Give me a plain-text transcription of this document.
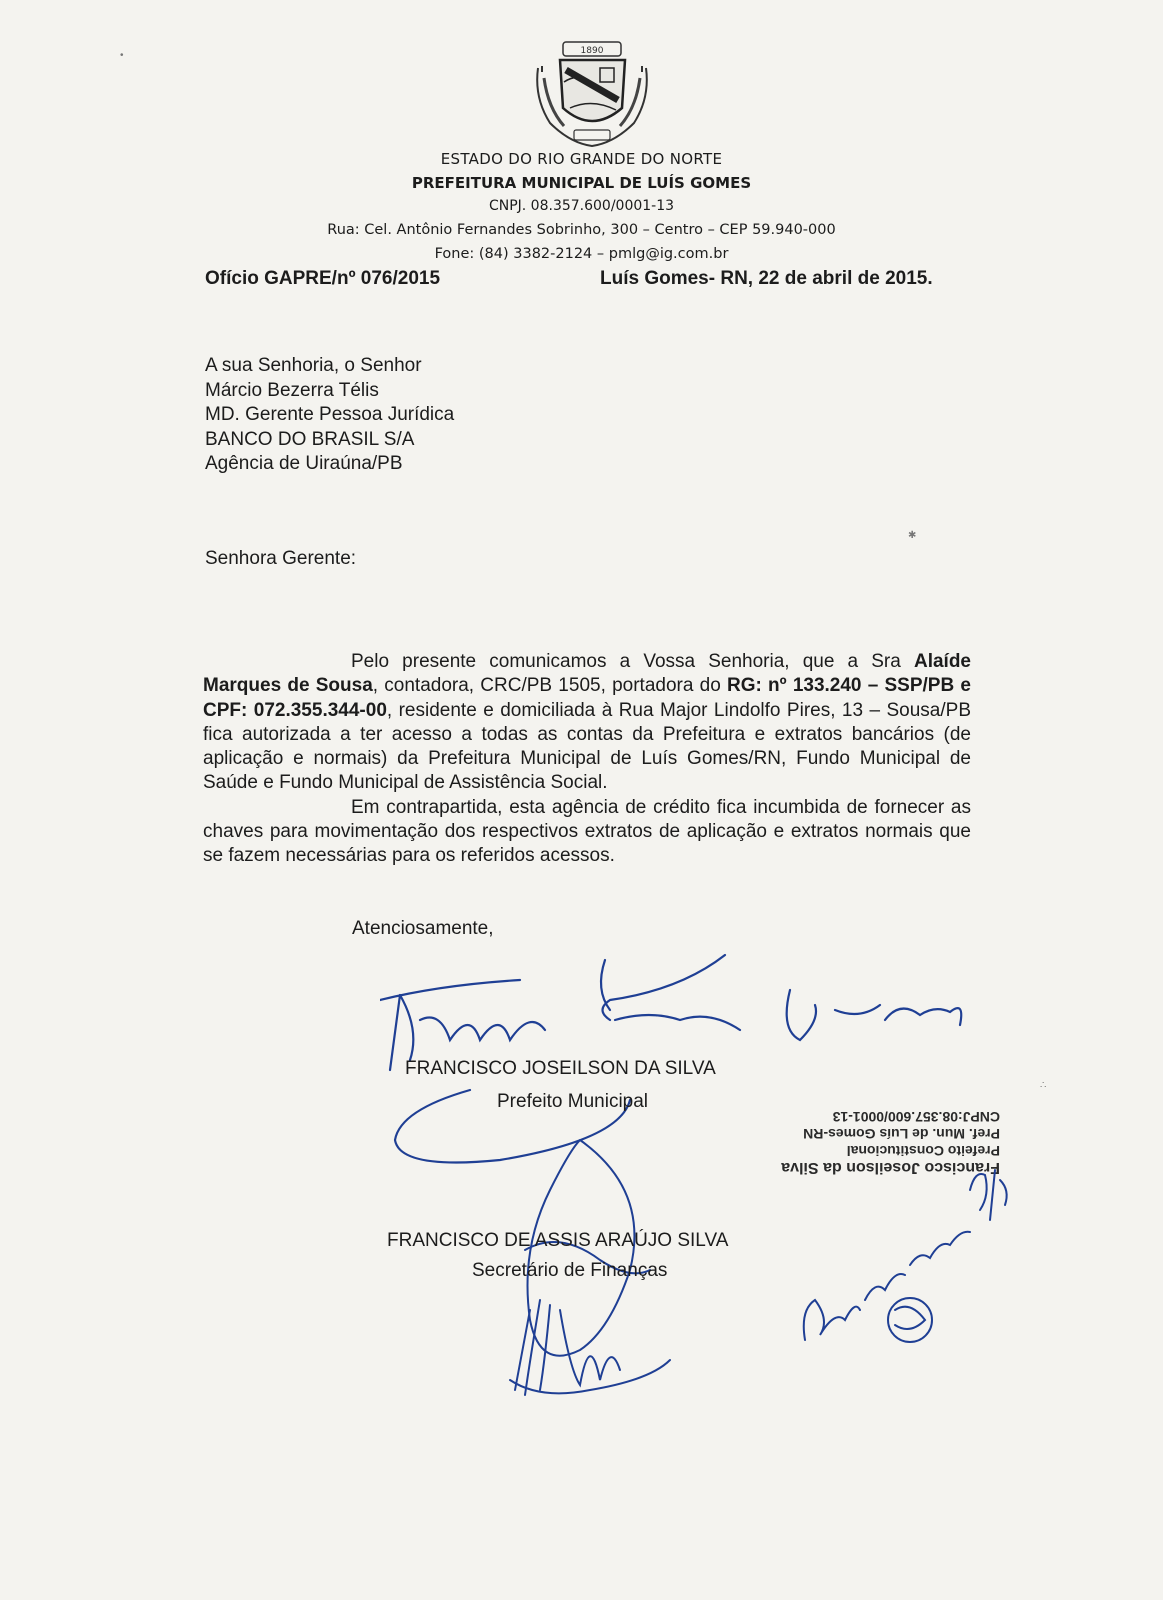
1890
ESTADO DO RIO GRANDE DO NORTE
PREFEITURA MUNICIPAL DE LUÍS GOMES
CNPJ. 08.357.600/0001-13
Rua: Cel. Antônio Fernandes Sobrinho, 300 – Centro – CEP 59.940-000
Fone: (84) 3382-2124 – pmlg@ig.com.br
Ofício GAPRE/nº 076/2015	Luís Gomes- RN, 22 de abril de 2015.
A sua Senhoria, o Senhor
Márcio Bezerra Télis
MD. Gerente Pessoa Jurídica
BANCO DO BRASIL S/A
Agência de Uiraúna/PB
Senhora Gerente:

Pelo presente comunicamos a Vossa Senhoria, que a Sra Alaíde Marques de Sousa, contadora, CRC/PB 1505, portadora do RG: nº 133.240 – SSP/PB e CPF: 072.355.344-00, residente e domiciliada à Rua Major Lindolfo Pires, 13 – Sousa/PB fica autorizada a ter acesso a todas as contas da Prefeitura e extratos bancários (de aplicação e normais) da Prefeitura Municipal de Luís Gomes/RN, Fundo Municipal de Saúde e Fundo Municipal de Assistência Social.

Em contrapartida, esta agência de crédito fica incumbida de fornecer as chaves para movimentação dos respectivos extratos de aplicação e extratos normais que se fazem necessárias para os referidos acessos.

Atenciosamente,
FRANCISCO JOSEILSON DA SILVA
Prefeito Municipal
Francisco Joseilson da Silva
Prefeito Constitucional
Pref. Mun. de Luís Gomes-RN
CNPJ:08.357.600/0001-13
FRANCISCO DE ASSIS ARAÚJO SILVA
Secretário de Finanças
•
✱
∴
